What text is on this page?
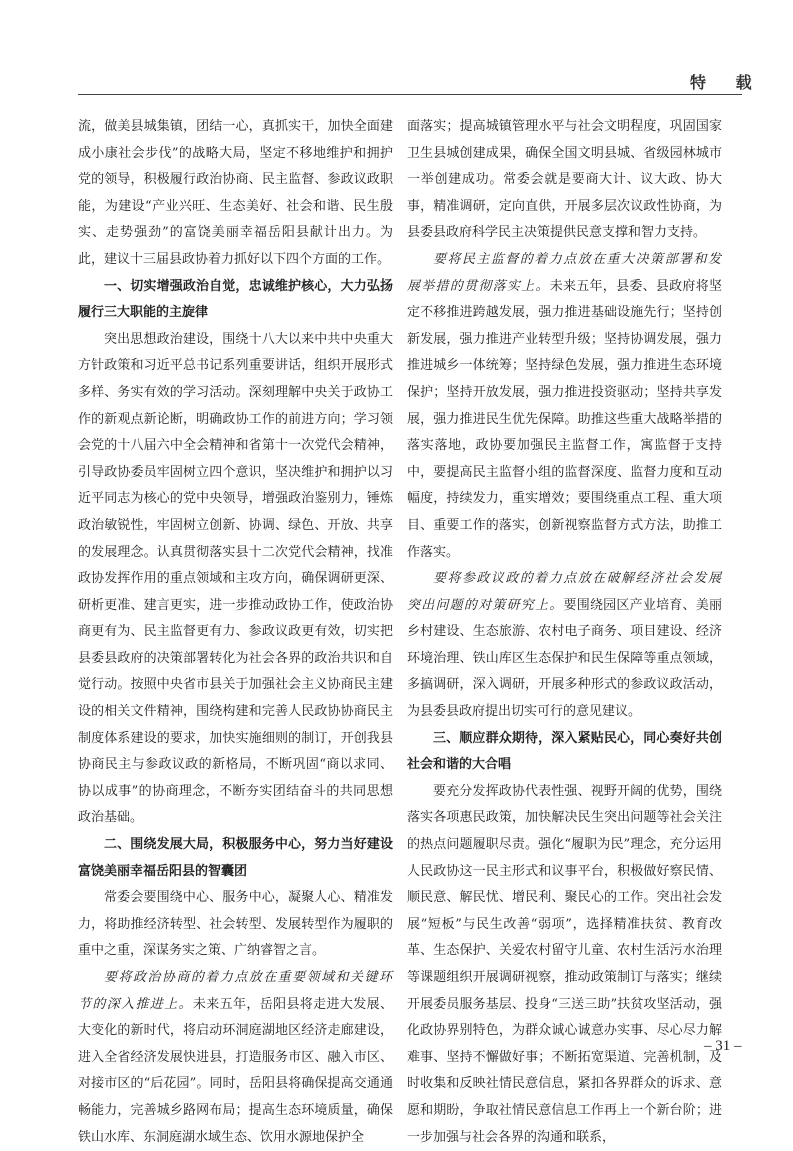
特 载

流，做美县城集镇，团结一心，真抓实干，加快全面建成小康社会步伐”的战略大局，坚定不移地维护和拥护党的领导，积极履行政治协商、民主监督、参政议政职能，为建设“产业兴旺、生态美好、社会和谐、民生殷实、走势强劲”的富饶美丽幸福岳阳县献计出力。为此，建议十三届县政协着力抓好以下四个方面的工作。

一、切实增强政治自觉，忠诚维护核心，大力弘扬履行三大职能的主旋律

突出思想政治建设，围绕十八大以来中共中央重大方针政策和习近平总书记系列重要讲话，组织开展形式多样、务实有效的学习活动。深刻理解中央关于政协工作的新观点新论断，明确政协工作的前进方向；学习领会党的十八届六中全会精神和省第十一次党代会精神，引导政协委员牢固树立四个意识，坚决维护和拥护以习近平同志为核心的党中央领导，增强政治鉴别力，锤炼政治敏锐性，牢固树立创新、协调、绿色、开放、共享的发展理念。认真贯彻落实县十二次党代会精神，找准政协发挥作用的重点领域和主攻方向，确保调研更深、研析更准、建言更实，进一步推动政协工作，使政治协商更有为、民主监督更有力、参政议政更有效，切实把县委县政府的决策部署转化为社会各界的政治共识和自觉行动。按照中央省市县关于加强社会主义协商民主建设的相关文件精神，围绕构建和完善人民政协协商民主制度体系建设的要求，加快实施细则的制订，开创我县协商民主与参政议政的新格局，不断巩固“商以求同、协以成事”的协商理念，不断夯实团结奋斗的共同思想政治基础。

二、围绕发展大局，积极服务中心，努力当好建设富饶美丽幸福岳阳县的智囊团

常委会要围绕中心、服务中心，凝聚人心、精准发力，将助推经济转型、社会转型、发展转型作为履职的重中之重，深谋务实之策、广纳睿智之言。

要将政治协商的着力点放在重要领域和关键环节的深入推进上。未来五年，岳阳县将走进大发展、大变化的新时代，将启动环洞庭湖地区经济走廊建设，进入全省经济发展快进县，打造服务市区、融入市区、对接市区的“后花园”。同时，岳阳县将确保提高交通通畅能力，完善城乡路网布局；提高生态环境质量，确保铁山水库、东洞庭湖水域生态、饮用水源地保护全

面落实；提高城镇管理水平与社会文明程度，巩固国家卫生县城创建成果，确保全国文明县城、省级园林城市一举创建成功。常委会就是要商大计、议大政、协大事，精准调研，定向直供，开展多层次议政性协商，为县委县政府科学民主决策提供民意支撑和智力支持。

要将民主监督的着力点放在重大决策部署和发展举措的贯彻落实上。未来五年，县委、县政府将坚定不移推进跨越发展，强力推进基础设施先行；坚持创新发展，强力推进产业转型升级；坚持协调发展，强力推进城乡一体统筹；坚持绿色发展，强力推进生态环境保护；坚持开放发展，强力推进投资驱动；坚持共享发展，强力推进民生优先保障。助推这些重大战略举措的落实落地，政协要加强民主监督工作，寓监督于支持中，要提高民主监督小组的监督深度、监督力度和互动幅度，持续发力，重实增效；要围绕重点工程、重大项目、重要工作的落实，创新视察监督方式方法，助推工作落实。

要将参政议政的着力点放在破解经济社会发展突出问题的对策研究上。要围绕园区产业培育、美丽乡村建设、生态旅游、农村电子商务、项目建设、经济环境治理、铁山库区生态保护和民生保障等重点领域，多搞调研，深入调研，开展多种形式的参政议政活动，为县委县政府提出切实可行的意见建议。

三、顺应群众期待，深入紧贴民心，同心奏好共创社会和谐的大合唱

要充分发挥政协代表性强、视野开阔的优势，围绕落实各项惠民政策，加快解决民生突出问题等社会关注的热点问题履职尽责。强化“履职为民”理念，充分运用人民政协这一民主形式和议事平台，积极做好察民情、顺民意、解民忧、增民利、聚民心的工作。突出社会发展“短板”与民生改善“弱项”，选择精准扶贫、教育改革、生态保护、关爱农村留守儿童、农村生活污水治理等课题组织开展调研视察，推动政策制订与落实；继续开展委员服务基层、投身“三送三助”扶贫攻坚活动，强化政协界别特色，为群众诚心诚意办实事、尽心尽力解难事、坚持不懈做好事；不断拓宽渠道、完善机制，及时收集和反映社情民意信息，紧扣各界群众的诉求、意愿和期盼，争取社情民意信息工作再上一个新台阶；进一步加强与社会各界的沟通和联系，

– 31 –
